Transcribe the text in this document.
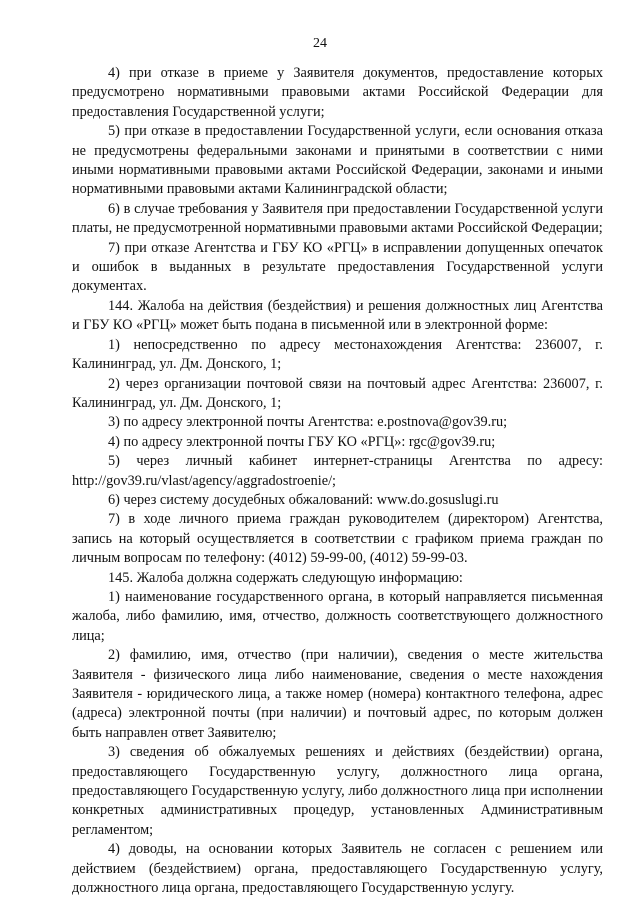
24

4) при отказе в приеме у Заявителя документов, предоставление которых предусмотрено нормативными правовыми актами Российской Федерации для предоставления Государственной услуги;

5) при отказе в предоставлении Государственной услуги, если основания отказа не предусмотрены федеральными законами и принятыми в соответствии с ними иными нормативными правовыми актами Российской Федерации, законами и иными нормативными правовыми актами Калининградской области;

6) в случае требования у Заявителя при предоставлении Государственной услуги платы, не предусмотренной нормативными правовыми актами Российской Федерации;

7) при отказе Агентства и ГБУ КО «РГЦ» в исправлении допущенных опечаток и ошибок в выданных в результате предоставления Государственной услуги документах.

144. Жалоба на действия (бездействия) и решения должностных лиц Агентства и ГБУ КО «РГЦ» может быть подана в письменной или в электронной форме:

1) непосредственно по адресу местонахождения Агентства: 236007, г. Калининград, ул. Дм. Донского, 1;

2) через организации почтовой связи на почтовый адрес Агентства: 236007, г. Калининград, ул. Дм. Донского, 1;

3) по адресу электронной почты Агентства: e.postnova@gov39.ru;

4) по адресу электронной почты ГБУ КО «РГЦ»: rgc@gov39.ru;

5) через личный кабинет интернет-страницы Агентства по адресу: http://gov39.ru/vlast/agency/aggradostroenie/;

6) через систему досудебных обжалований: www.do.gosuslugi.ru

7) в ходе личного приема граждан руководителем (директором) Агентства, запись на который осуществляется в соответствии с графиком приема граждан по личным вопросам по телефону: (4012) 59-99-00, (4012) 59-99-03.

145. Жалоба должна содержать следующую информацию:

1) наименование государственного органа, в который направляется письменная жалоба, либо фамилию, имя, отчество, должность соответствующего должностного лица;

2) фамилию, имя, отчество (при наличии), сведения о месте жительства Заявителя - физического лица либо наименование, сведения о месте нахождения Заявителя - юридического лица, а также номер (номера) контактного телефона, адрес (адреса) электронной почты (при наличии) и почтовый адрес, по которым должен быть направлен ответ Заявителю;

3) сведения об обжалуемых решениях и действиях (бездействии) органа, предоставляющего Государственную услугу, должностного лица органа, предоставляющего Государственную услугу, либо должностного лица при исполнении конкретных административных процедур, установленных Административным регламентом;

4) доводы, на основании которых Заявитель не согласен с решением или действием (бездействием) органа, предоставляющего Государственную услугу, должностного лица органа, предоставляющего Государственную услугу.
